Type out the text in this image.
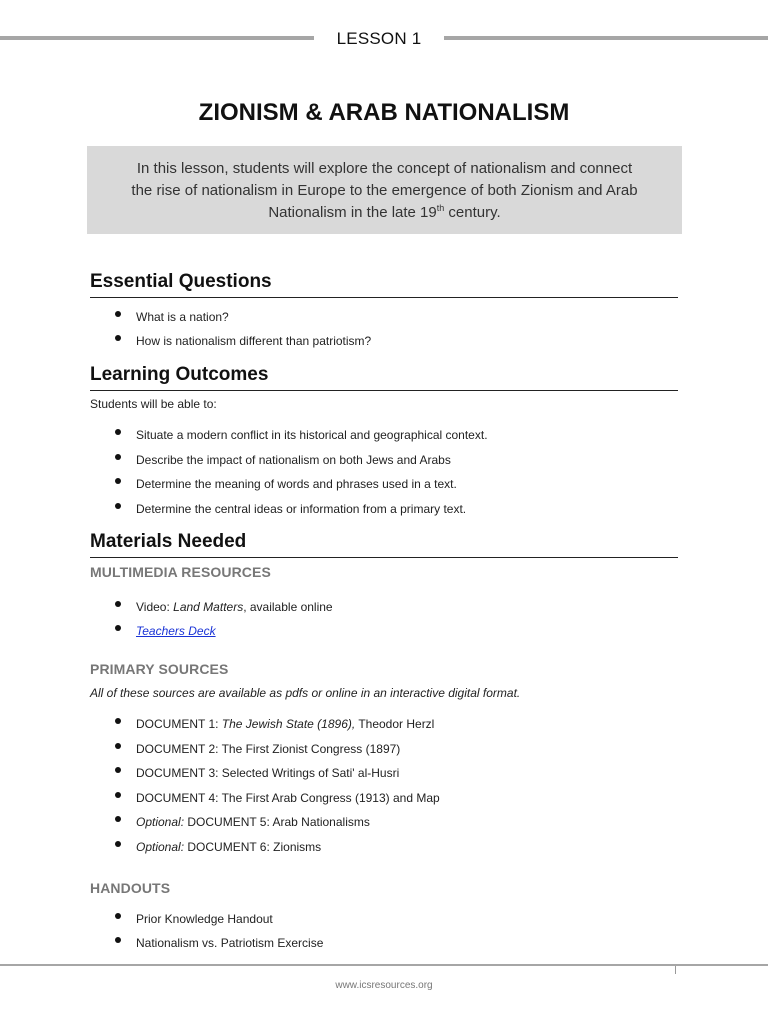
LESSON 1
ZIONISM & ARAB NATIONALISM
In this lesson, students will explore the concept of nationalism and connect
the rise of nationalism in Europe to the emergence of both Zionism and Arab
Nationalism in the late 19th century.
Essential Questions
What is a nation?
How is nationalism different than patriotism?
Learning Outcomes
Students will be able to:
Situate a modern conflict in its historical and geographical context.
Describe the impact of nationalism on both Jews and Arabs
Determine the meaning of words and phrases used in a text.
Determine the central ideas or information from a primary text.
Materials Needed
MULTIMEDIA RESOURCES
Video: Land Matters, available online
Teachers Deck
PRIMARY SOURCES
All of these sources are available as pdfs or online in an interactive digital format.
DOCUMENT 1: The Jewish State (1896), Theodor Herzl
DOCUMENT 2: The First Zionist Congress (1897)
DOCUMENT 3: Selected Writings of Sati' al-Husri
DOCUMENT 4: The First Arab Congress (1913) and Map
Optional: DOCUMENT 5: Arab Nationalisms
Optional: DOCUMENT 6: Zionisms
HANDOUTS
Prior Knowledge Handout
Nationalism vs. Patriotism Exercise
www.icsresources.org
